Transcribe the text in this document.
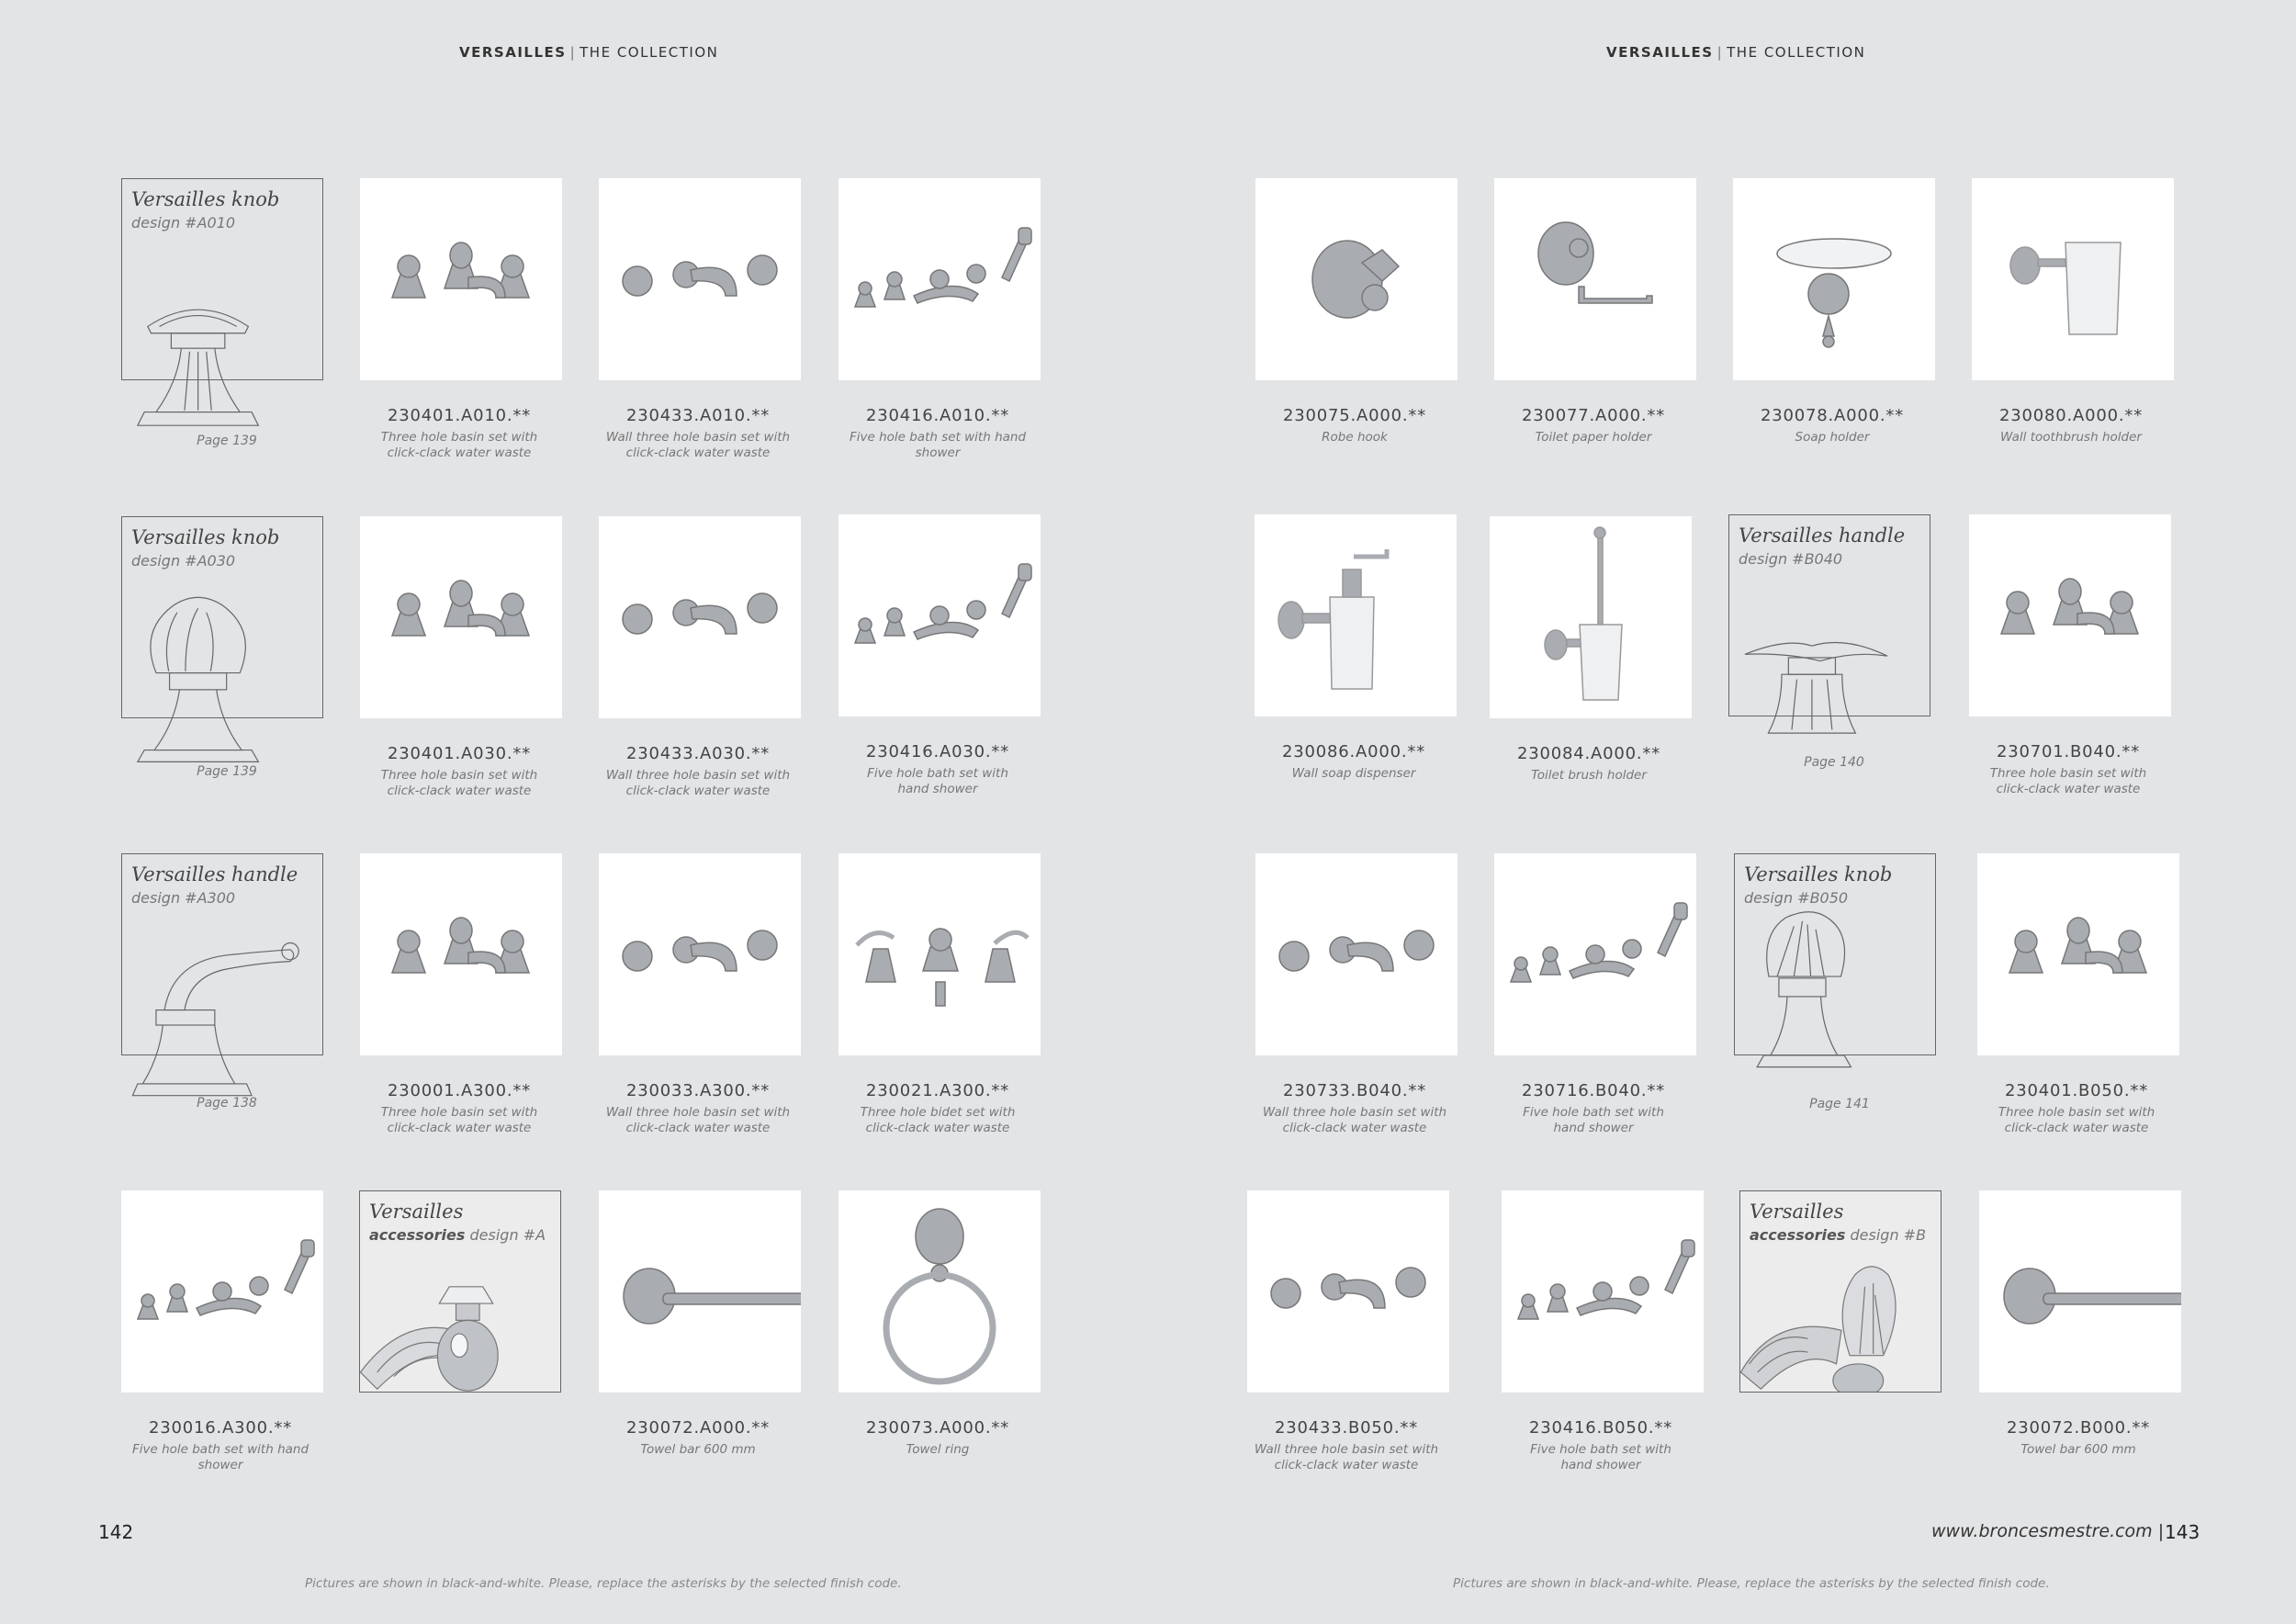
VERSAILLES | THE COLLECTION	VERSAILLES | THE COLLECTION
Versailles knob
design #A010
Page 139
230401.A010.**
Three hole basin set with
click-clack water waste
230433.A010.**
Wall three hole basin set with
click-clack water waste
230416.A010.**
Five hole bath set with hand shower
Versailles knob
design #A030
Page 139
230401.A030.**
Three hole basin set with
click-clack water waste
230433.A030.**
Wall three hole basin set with
click-clack water waste
230416.A030.**
Five hole bath set with
hand shower
Versailles handle
design #A300
Page 138
230001.A300.**
Three hole basin set with
click-clack water waste
230033.A300.**
Wall three hole basin set with
click-clack water waste
230021.A300.**
Three hole bidet set with
click-clack water waste
230016.A300.**
Five hole bath set with hand shower
Versailles
accessories design #A
230072.A000.**
Towel bar 600 mm
230073.A000.**
Towel ring
230075.A000.**
Robe hook
230077.A000.**
Toilet paper holder
230078.A000.**
Soap holder
230080.A000.**
Wall toothbrush holder
230086.A000.**
Wall soap dispenser
230084.A000.**
Toilet brush holder
Versailles handle
design #B040
Page 140
230701.B040.**
Three hole basin set with
click-clack water waste
230733.B040.**
Wall three hole basin set with
click-clack water waste
230716.B040.**
Five hole bath set with
hand shower
Versailles knob
design #B050
Page 141
230401.B050.**
Three hole basin set with
click-clack water waste
230433.B050.**
Wall three hole basin set with
click-clack water waste
230416.B050.**
Five hole bath set with
hand shower
Versailles
accessories design #B
230072.B000.**
Towel bar 600 mm
142	www.broncesmestre.com | 143
Pictures are shown in black-and-white. Please, replace the asterisks by the selected finish code.	Pictures are shown in black-and-white. Please, replace the asterisks by the selected finish code.
